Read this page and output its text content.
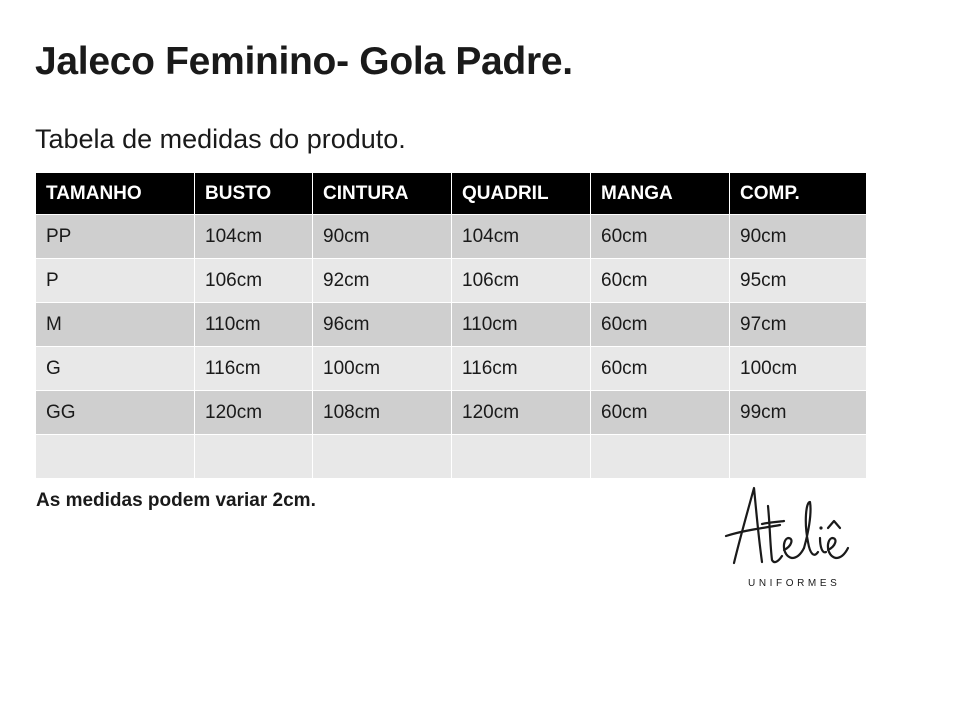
Jaleco Feminino- Gola Padre.
Tabela de medidas do produto.
TAMANHO	BUSTO	CINTURA	QUADRIL	MANGA	COMP.
PP	104cm	90cm	104cm	60cm	90cm
P	106cm	92cm	106cm	60cm	95cm
M	110cm	96cm	110cm	60cm	97cm
G	116cm	100cm	116cm	60cm	100cm
GG	120cm	108cm	120cm	60cm	99cm

As medidas podem variar 2cm.
UNIFORMES
